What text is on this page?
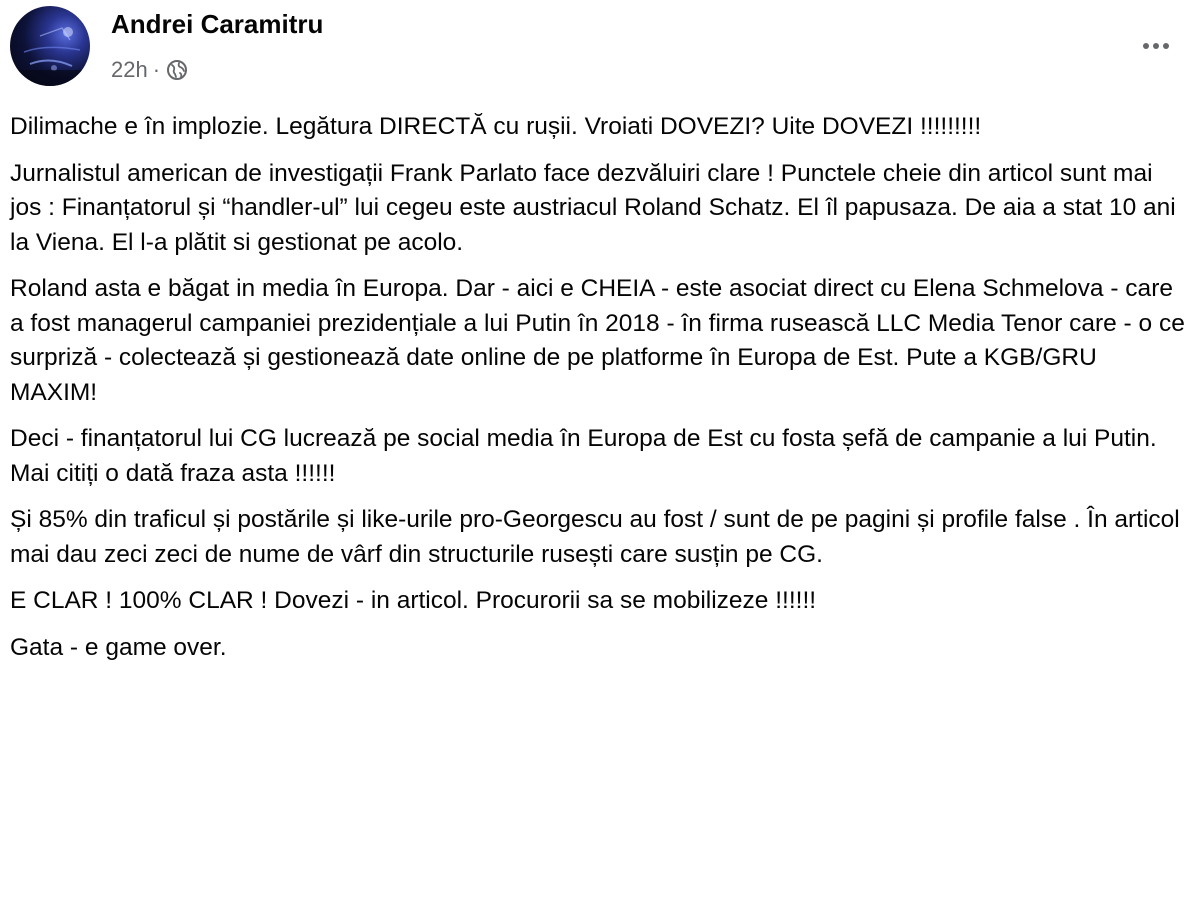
Andrei Caramitru
22h ·

Dilimache e în implozie. Legătura DIRECTĂ cu rușii. Vroiati DOVEZI? Uite DOVEZI !!!!!!!!!

Jurnalistul american de investigații Frank Parlato face dezvăluiri clare ! Punctele cheie din articol sunt mai jos : Finanțatorul și “handler-ul” lui cegeu este austriacul Roland Schatz. El îl papusaza. De aia a stat 10 ani la Viena. El l-a plătit si gestionat pe acolo.

Roland asta e băgat in media în Europa. Dar - aici e CHEIA - este asociat direct cu Elena Schmelova - care a fost managerul campaniei prezidențiale a lui Putin în 2018 - în firma rusească LLC Media Tenor care - o ce surpriză - colectează și gestionează date online de pe platforme în Europa de Est. Pute a KGB/GRU MAXIM!

Deci - finanțatorul lui CG lucrează pe social media în Europa de Est cu fosta șefă de campanie a lui Putin. Mai citiți o dată fraza asta !!!!!!

Și 85% din traficul și postările și like-urile pro-Georgescu au fost / sunt de pe pagini și profile false . În articol mai dau zeci zeci de nume de vârf din structurile rusești care susțin pe CG.

E CLAR ! 100% CLAR ! Dovezi - in articol. Procurorii sa se mobilizeze !!!!!!

Gata - e game over.
